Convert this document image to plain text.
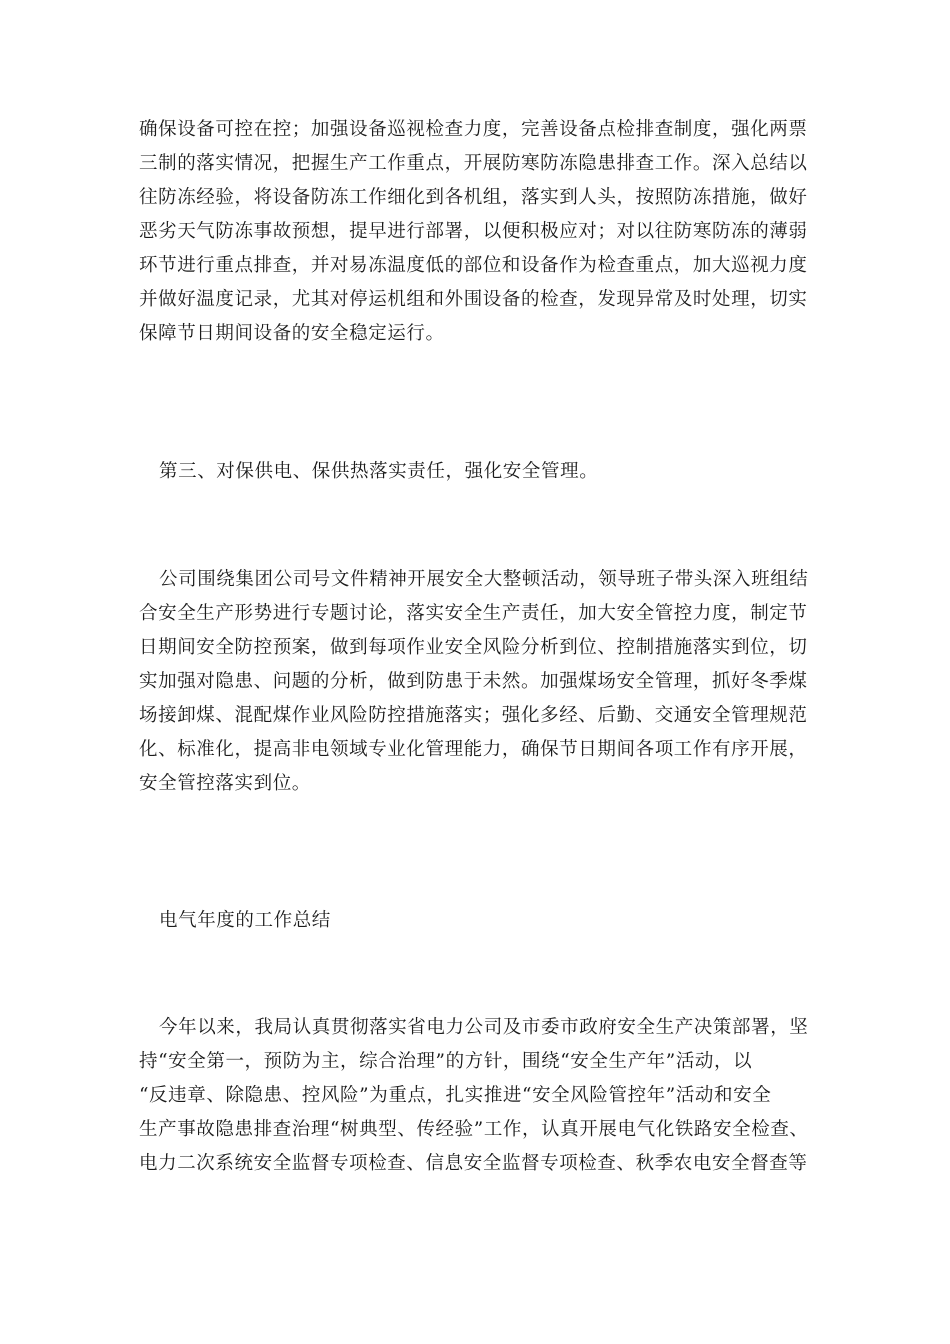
确保设备可控在控；加强设备巡视检查力度，完善设备点检排查制度，强化两票
三制的落实情况，把握生产工作重点，开展防寒防冻隐患排查工作。深入总结以
往防冻经验，将设备防冻工作细化到各机组，落实到人头，按照防冻措施，做好
恶劣天气防冻事故预想，提早进行部署，以便积极应对；对以往防寒防冻的薄弱
环节进行重点排查，并对易冻温度低的部位和设备作为检查重点，加大巡视力度
并做好温度记录，尤其对停运机组和外围设备的检查，发现异常及时处理，切实
保障节日期间设备的安全稳定运行。
第三、对保供电、保供热落实责任，强化安全管理。
公司围绕集团公司号文件精神开展安全大整顿活动，领导班子带头深入班组结
合安全生产形势进行专题讨论，落实安全生产责任，加大安全管控力度，制定节
日期间安全防控预案，做到每项作业安全风险分析到位、控制措施落实到位，切
实加强对隐患、问题的分析，做到防患于未然。加强煤场安全管理，抓好冬季煤
场接卸煤、混配煤作业风险防控措施落实；强化多经、后勤、交通安全管理规范
化、标准化，提高非电领域专业化管理能力，确保节日期间各项工作有序开展，
安全管控落实到位。
电气年度的工作总结
今年以来，我局认真贯彻落实省电力公司及市委市政府安全生产决策部署，坚
持“安全第一，预防为主，综合治理”的方针，围绕“安全生产年”活动，以
“反违章、除隐患、控风险”为重点，扎实推进“安全风险管控年”活动和安全
生产事故隐患排查治理“树典型、传经验”工作，认真开展电气化铁路安全检查、
电力二次系统安全监督专项检查、信息安全监督专项检查、秋季农电安全督查等
